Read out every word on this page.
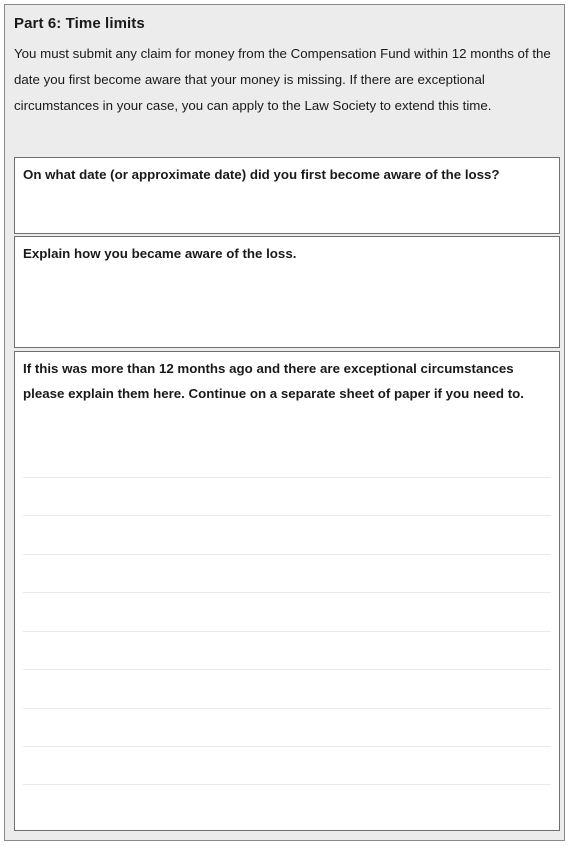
Part 6: Time limits

You must submit any claim for money from the Compensation Fund within 12 months of the date you first become aware that your money is missing. If there are exceptional circumstances in your case, you can apply to the Law Society to extend this time.

On what date (or approximate date) did you first become aware of the loss?

Explain how you became aware of the loss.

If this was more than 12 months ago and there are exceptional circumstances please explain them here. Continue on a separate sheet of paper if you need to.
